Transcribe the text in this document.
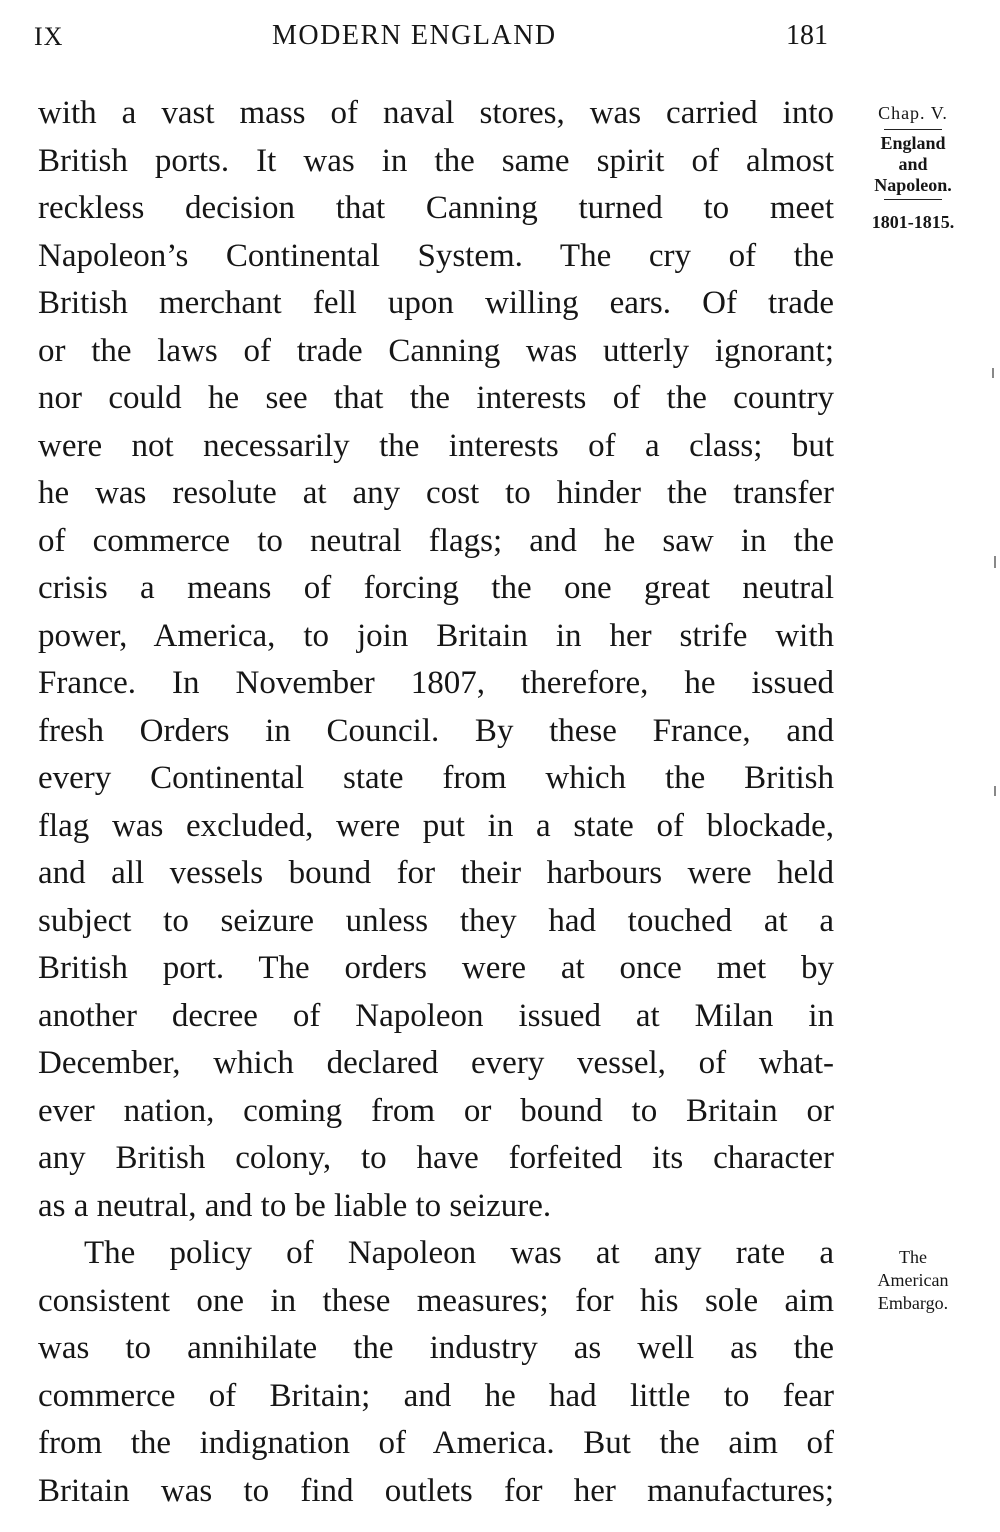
IX	MODERN ENGLAND	181
with a vast mass of naval stores, was carried into
British ports. It was in the same spirit of almost
reckless decision that Canning turned to meet
Napoleon’s Continental System. The cry of the
British merchant fell upon willing ears. Of trade
or the laws of trade Canning was utterly ignorant;
nor could he see that the interests of the country
were not necessarily the interests of a class; but
he was resolute at any cost to hinder the transfer
of commerce to neutral flags; and he saw in the
crisis a means of forcing the one great neutral
power, America, to join Britain in her strife with
France. In November 1807, therefore, he issued
fresh Orders in Council. By these France, and
every Continental state from which the British
flag was excluded, were put in a state of blockade,
and all vessels bound for their harbours were held
subject to seizure unless they had touched at a
British port. The orders were at once met by
another decree of Napoleon issued at Milan in
December, which declared every vessel, of what-
ever nation, coming from or bound to Britain or
any British colony, to have forfeited its character
as a neutral, and to be liable to seizure.
The policy of Napoleon was at any rate a
consistent one in these measures; for his sole aim
was to annihilate the industry as well as the
commerce of Britain; and he had little to fear
from the indignation of America. But the aim of
Britain was to find outlets for her manufactures;
Chap. V.
England
and
Napoleon.
1801-1815.
The
American
Embargo.
